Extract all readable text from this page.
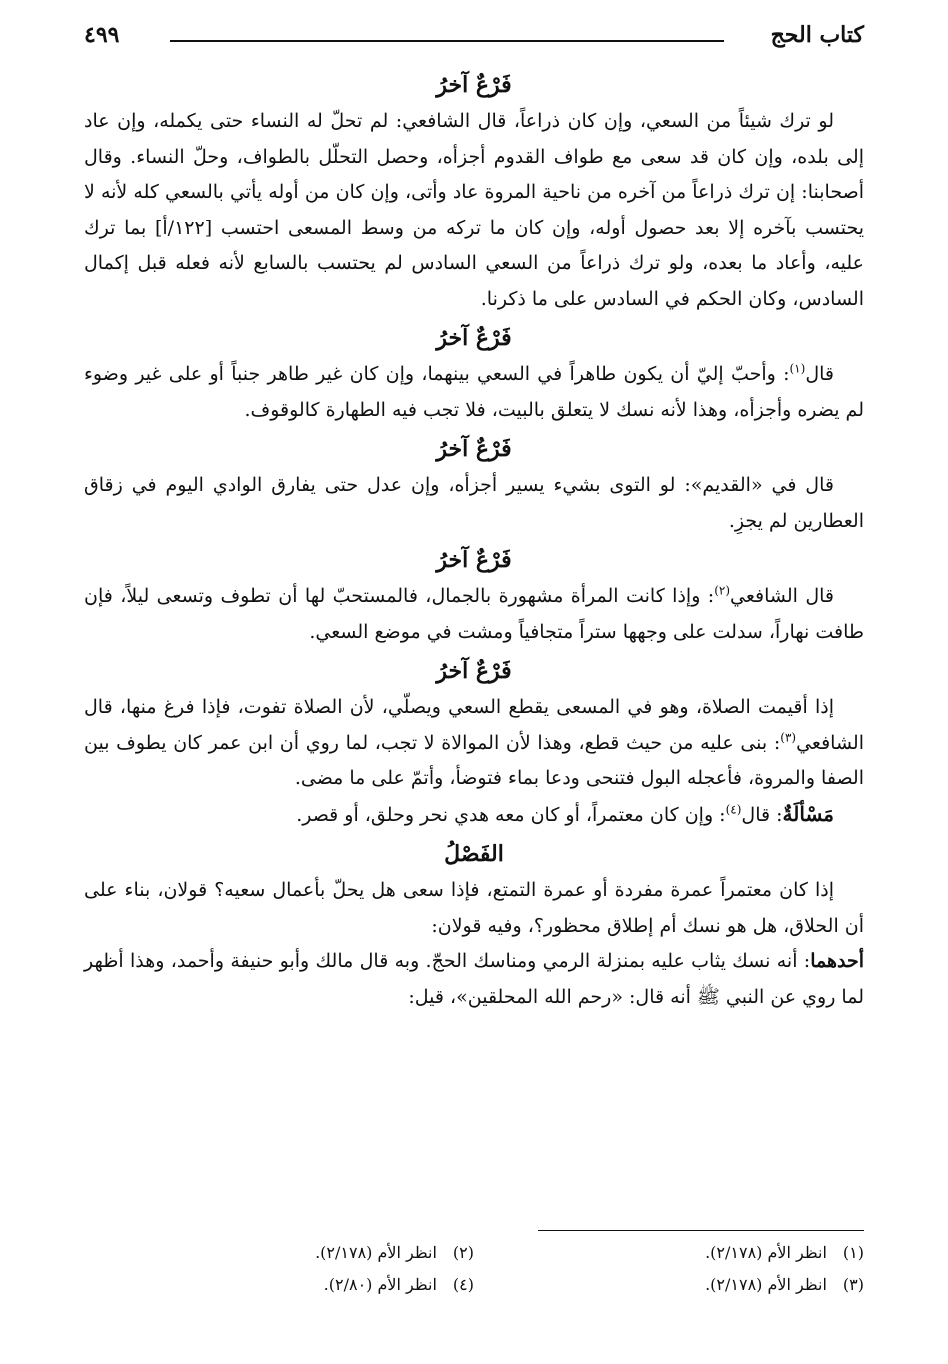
كتاب الحج
٤٩٩
فَرْعٌ آخرُ

لو ترك شيئاً من السعي، وإن كان ذراعاً، قال الشافعي: لم تحلّ له النساء حتى يكمله، وإن عاد إلى بلده، وإن كان قد سعى مع طواف القدوم أجزأه، وحصل التحلّل بالطواف، وحلّ النساء. وقال أصحابنا: إن ترك ذراعاً من آخره من ناحية المروة عاد وأتى، وإن كان من أوله يأتي بالسعي كله لأنه لا يحتسب بآخره إلا بعد حصول أوله، وإن كان ما تركه من وسط المسعى احتسب [١٢٢/أ] بما ترك عليه، وأعاد ما بعده، ولو ترك ذراعاً من السعي السادس لم يحتسب بالسابع لأنه فعله قبل إكمال السادس، وكان الحكم في السادس على ما ذكرنا.

فَرْعٌ آخرُ

قال$^{(١)}$: وأحبّ إليّ أن يكون طاهراً في السعي بينهما، وإن كان غير طاهر جنباً أو على غير وضوء لم يضره وأجزأه، وهذا لأنه نسك لا يتعلق بالبيت، فلا تجب فيه الطهارة كالوقوف.

فَرْعٌ آخرُ

قال في «القديم»: لو التوى بشيء يسير أجزأه، وإن عدل حتى يفارق الوادي اليوم في زقاق العطارين لم يجزِ.

فَرْعٌ آخرُ

قال الشافعي$^{(٢)}$: وإذا كانت المرأة مشهورة بالجمال، فالمستحبّ لها أن تطوف وتسعى ليلاً، فإن طافت نهاراً، سدلت على وجهها ستراً متجافياً ومشت في موضع السعي.

فَرْعٌ آخرُ

إذا أقيمت الصلاة، وهو في المسعى يقطع السعي ويصلّي، لأن الصلاة تفوت، فإذا فرغ منها، قال الشافعي$^{(٣)}$: بنى عليه من حيث قطع، وهذا لأن الموالاة لا تجب، لما روي أن ابن عمر كان يطوف بين الصفا والمروة، فأعجله البول فتنحى ودعا بماء فتوضأ، وأتمّ على ما مضى.

مَسْألَةٌ: قال$^{(٤)}$: وإن كان معتمراً، أو كان معه هدي نحر وحلق، أو قصر.

الفَصْلُ

إذا كان معتمراً عمرة مفردة أو عمرة التمتع، فإذا سعى هل يحلّ بأعمال سعيه؟ قولان، بناء على أن الحلاق، هل هو نسك أم إطلاق محظور؟، وفيه قولان:

أحدهما: أنه نسك يثاب عليه بمنزلة الرمي ومناسك الحجّ. وبه قال مالك وأبو حنيفة وأحمد، وهذا أظهر لما روي عن النبي ﷺ أنه قال: «رحم الله المحلقين»، قيل:

(١)
انظر الأم (٢/١٧٨).
(٢)
انظر الأم (٢/١٧٨).
(٣)
انظر الأم (٢/١٧٨).
(٤)
انظر الأم (٢/٨٠).
